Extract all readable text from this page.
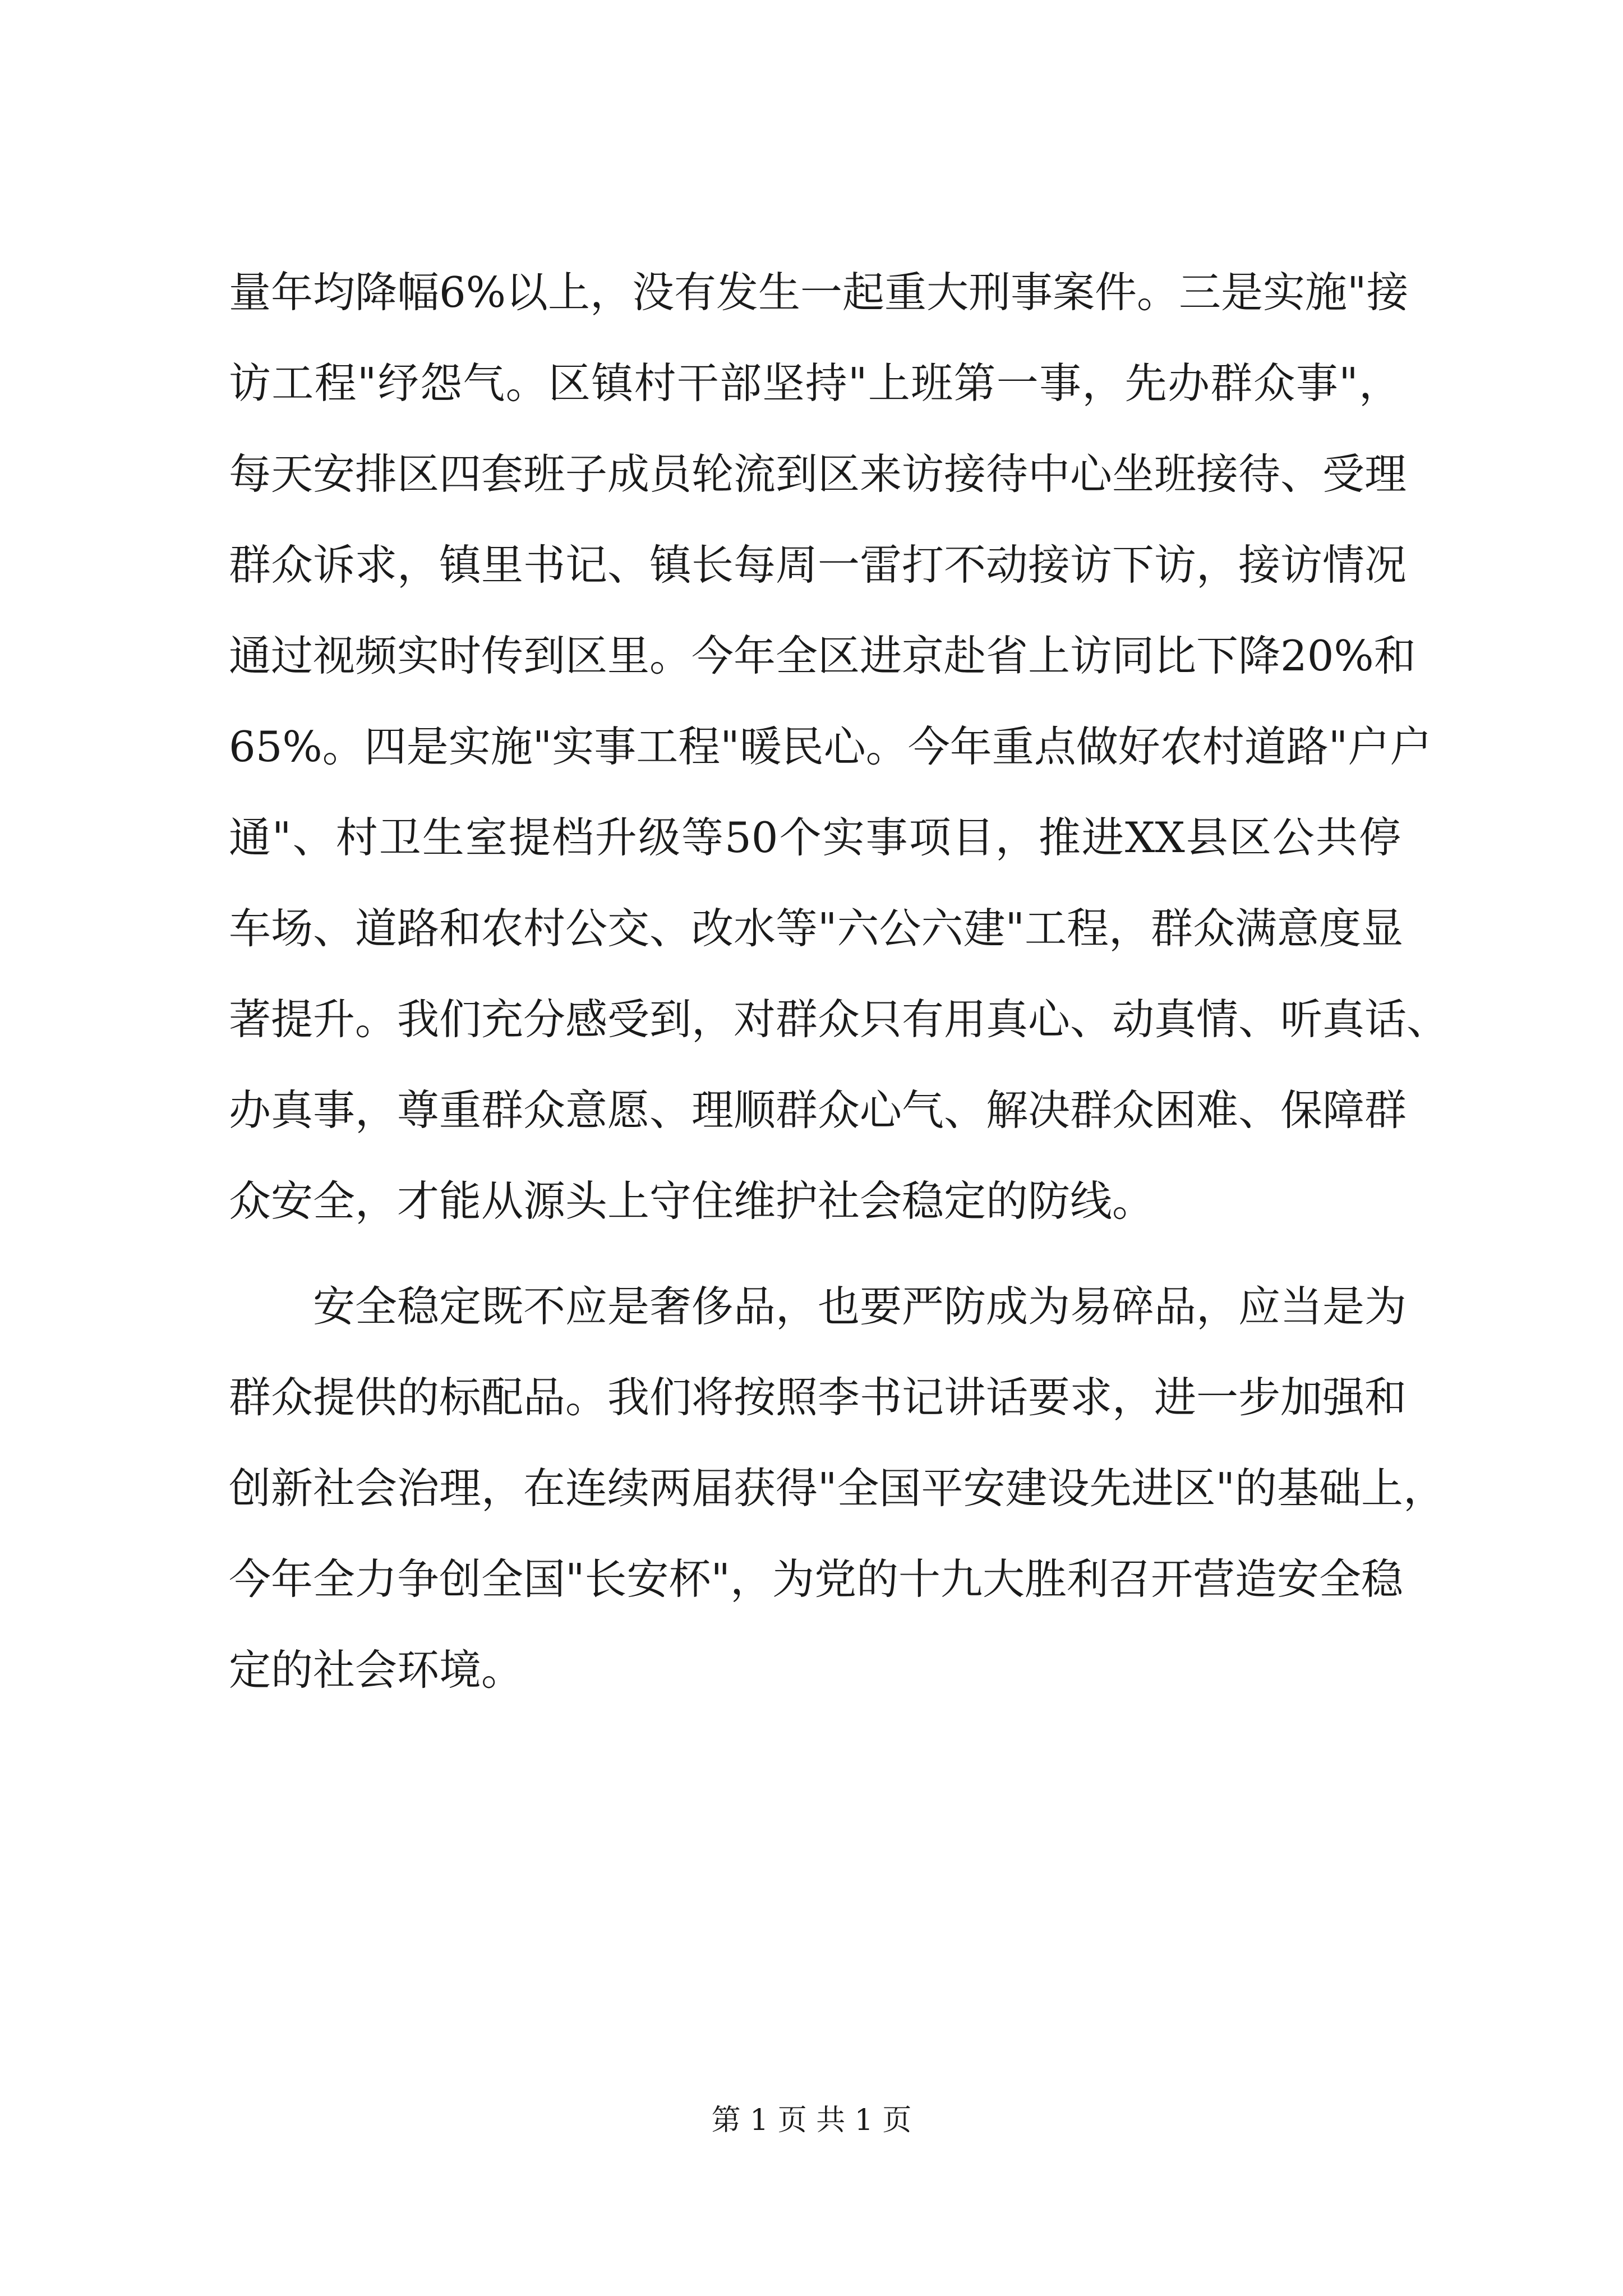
量年均降幅6%以上，没有发生一起重大刑事案件。三是实施"接
访工程"纾怨气。区镇村干部坚持"上班第一事，先办群众事"，
每天安排区四套班子成员轮流到区来访接待中心坐班接待、受理
群众诉求，镇里书记、镇长每周一雷打不动接访下访，接访情况
通过视频实时传到区里。今年全区进京赴省上访同比下降20%和
65%。四是实施"实事工程"暖民心。今年重点做好农村道路"户户
通"、村卫生室提档升级等50个实事项目，推进XX县区公共停
车场、道路和农村公交、改水等"六公六建"工程，群众满意度显
著提升。我们充分感受到，对群众只有用真心、动真情、听真话、
办真事，尊重群众意愿、理顺群众心气、解决群众困难、保障群
众安全，才能从源头上守住维护社会稳定的防线。
安全稳定既不应是奢侈品，也要严防成为易碎品，应当是为
群众提供的标配品。我们将按照李书记讲话要求，进一步加强和
创新社会治理，在连续两届获得"全国平安建设先进区"的基础上，
今年全力争创全国"长安杯"，为党的十九大胜利召开营造安全稳
定的社会环境。
第 1 页 共 1 页
